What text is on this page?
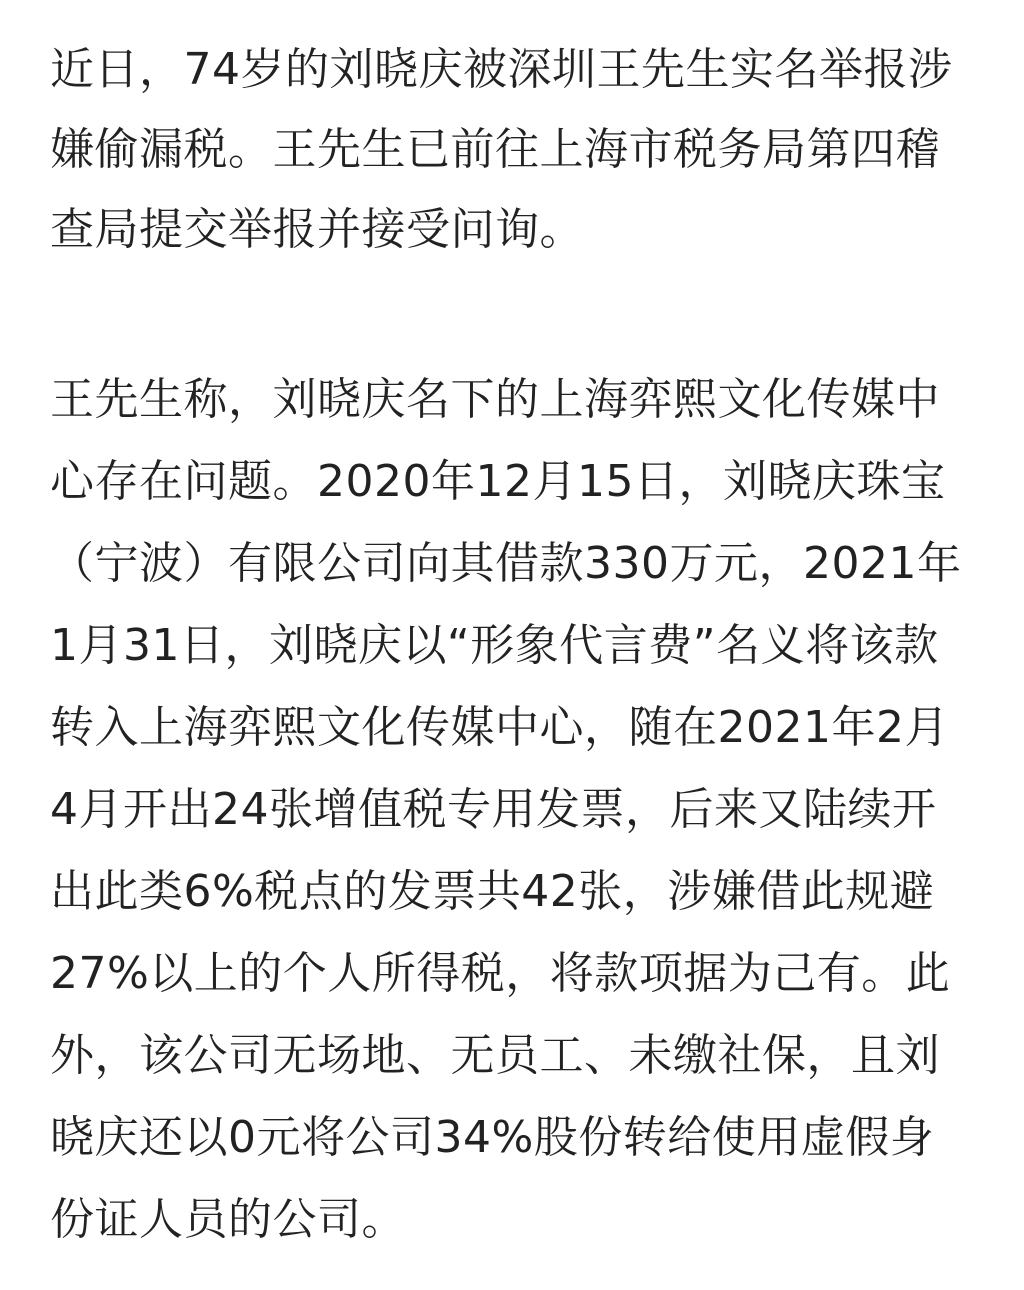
近日，74岁的刘晓庆被深圳王先生实名举报涉

嫌偷漏税。王先生已前往上海市税务局第四稽

查局提交举报并接受问询。

王先生称，刘晓庆名下的上海弈熙文化传媒中

心存在问题。2020年12月15日，刘晓庆珠宝

（宁波）有限公司向其借款330万元，2021年

1月31日，刘晓庆以“形象代言费”名义将该款

转入上海弈熙文化传媒中心，随在2021年2月

4月开出24张增值税专用发票，后来又陆续开

出此类6%税点的发票共42张，涉嫌借此规避

27%以上的个人所得税，将款项据为己有。此

外，该公司无场地、无员工、未缴社保，且刘

晓庆还以0元将公司34%股份转给使用虚假身

份证人员的公司。
